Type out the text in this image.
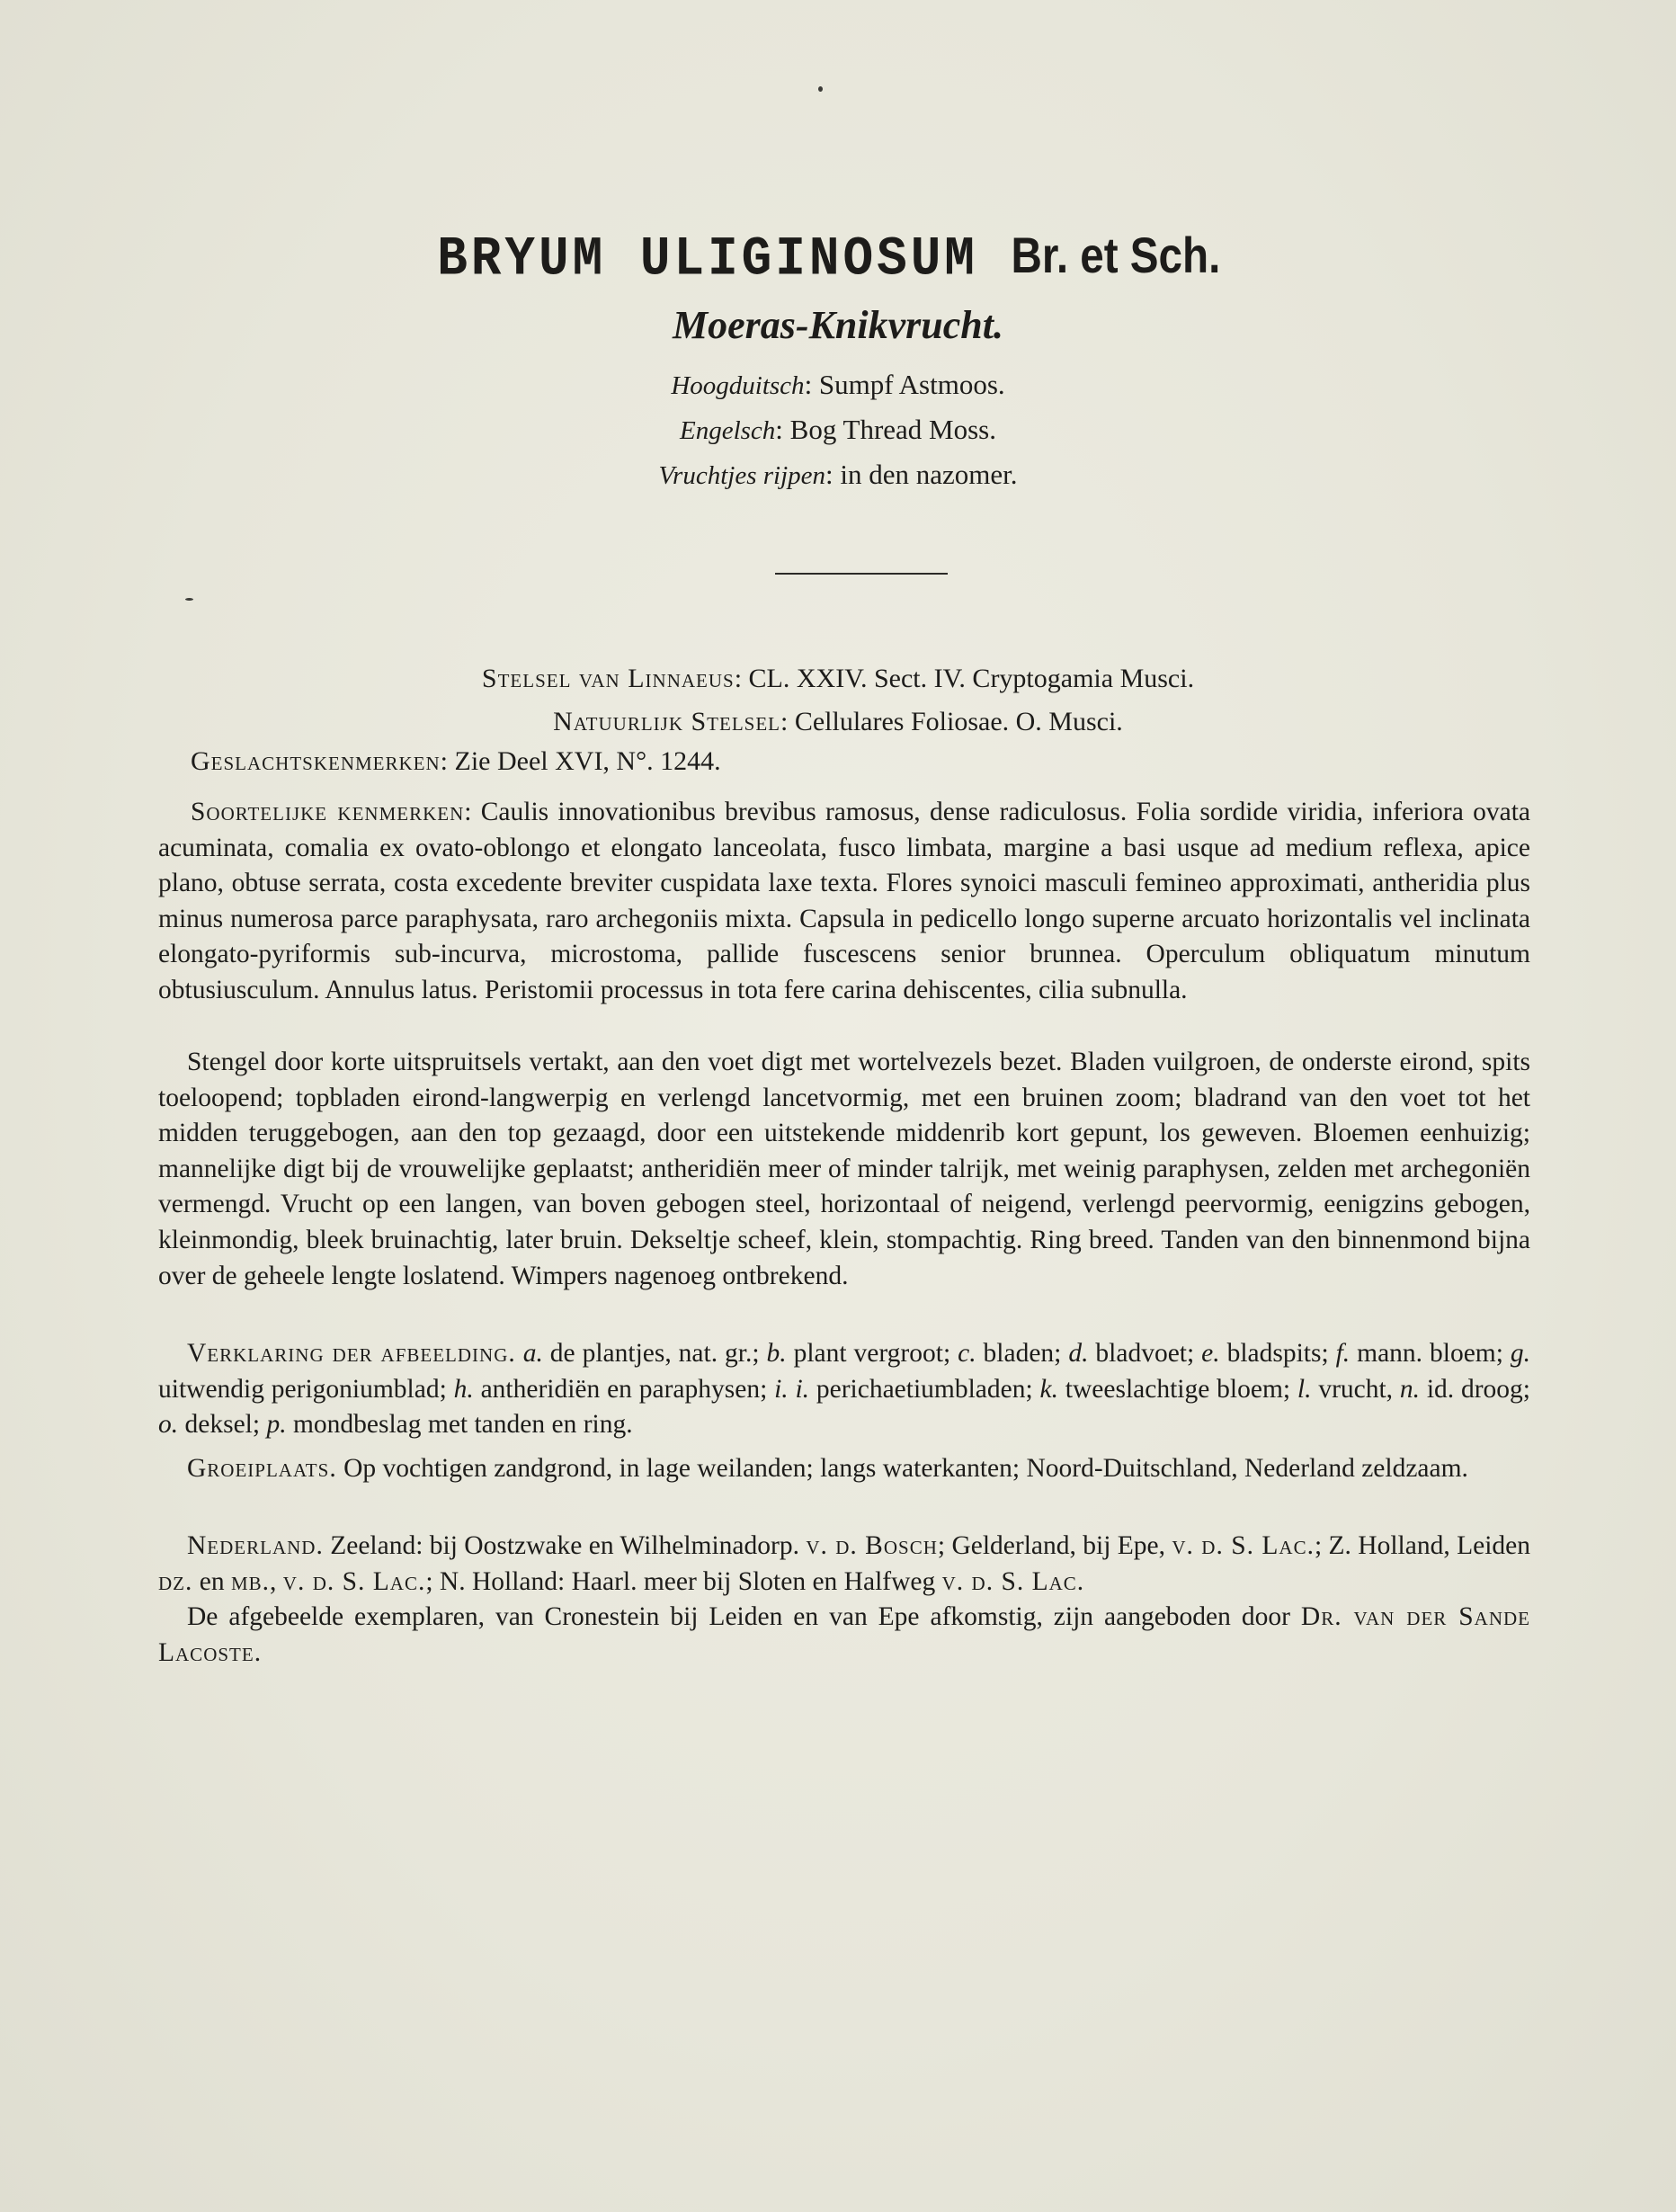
BRYUM ULIGINOSUM Br. et Sch.
Moeras-Knikvrucht.
Hoogduitsch: Sumpf Astmoos.
Engelsch: Bog Thread Moss.
Vruchtjes rijpen: in den nazomer.
Stelsel van Linnaeus: CL. XXIV. Sect. IV. Cryptogamia Musci.
Natuurlijk Stelsel: Cellulares Foliosae. O. Musci.
Geslachtskenmerken: Zie Deel XVI, N°. 1244.

Soortelijke kenmerken: Caulis innovationibus brevibus ramosus, dense radiculosus. Folia sordide viridia, inferiora ovata acuminata, comalia ex ovato-oblongo et elongato lanceolata, fusco limbata, margine a basi usque ad medium reflexa, apice plano, obtuse serrata, costa excedente breviter cuspidata laxe texta. Flores synoici masculi femineo approximati, antheridia plus minus numerosa parce paraphysata, raro archegoniis mixta. Capsula in pedicello longo superne arcuato horizontalis vel inclinata elongato-pyriformis sub-incurva, microstoma, pallide fuscescens senior brunnea. Operculum obliquatum minutum obtusiusculum. Annulus latus. Peristomii processus in tota fere carina dehiscentes, cilia subnulla.

Stengel door korte uitspruitsels vertakt, aan den voet digt met wortelvezels bezet. Bladen vuilgroen, de onderste eirond, spits toeloopend; topbladen eirond-langwerpig en verlengd lancetvormig, met een bruinen zoom; bladrand van den voet tot het midden teruggebogen, aan den top gezaagd, door een uitstekende middenrib kort gepunt, los geweven. Bloemen eenhuizig; mannelijke digt bij de vrouwelijke geplaatst; antheridiën meer of minder talrijk, met weinig paraphysen, zelden met archegoniën vermengd. Vrucht op een langen, van boven gebogen steel, horizontaal of neigend, verlengd peervormig, eenigzins gebogen, kleinmondig, bleek bruinachtig, later bruin. Dekseltje scheef, klein, stompachtig. Ring breed. Tanden van den binnenmond bijna over de geheele lengte loslatend. Wimpers nagenoeg ontbrekend.

Verklaring der afbeelding. a. de plantjes, nat. gr.; b. plant vergroot; c. bladen; d. bladvoet; e. bladspits; f. mann. bloem; g. uitwendig perigoniumblad; h. antheridiën en paraphysen; i. i. perichaetiumbladen; k. tweeslachtige bloem; l. vrucht, n. id. droog; o. deksel; p. mondbeslag met tanden en ring.

Groeiplaats. Op vochtigen zandgrond, in lage weilanden; langs waterkanten; Noord-Duitschland, Nederland zeldzaam.

Nederland. Zeeland: bij Oostzwake en Wilhelminadorp. v. d. Bosch; Gelderland, bij Epe, v. d. S. Lac.; Z. Holland, Leiden dz. en mb., v. d. S. Lac.; N. Holland: Haarl. meer bij Sloten en Halfweg v. d. S. Lac.

De afgebeelde exemplaren, van Cronestein bij Leiden en van Epe afkomstig, zijn aangeboden door Dr. van der Sande Lacoste.
